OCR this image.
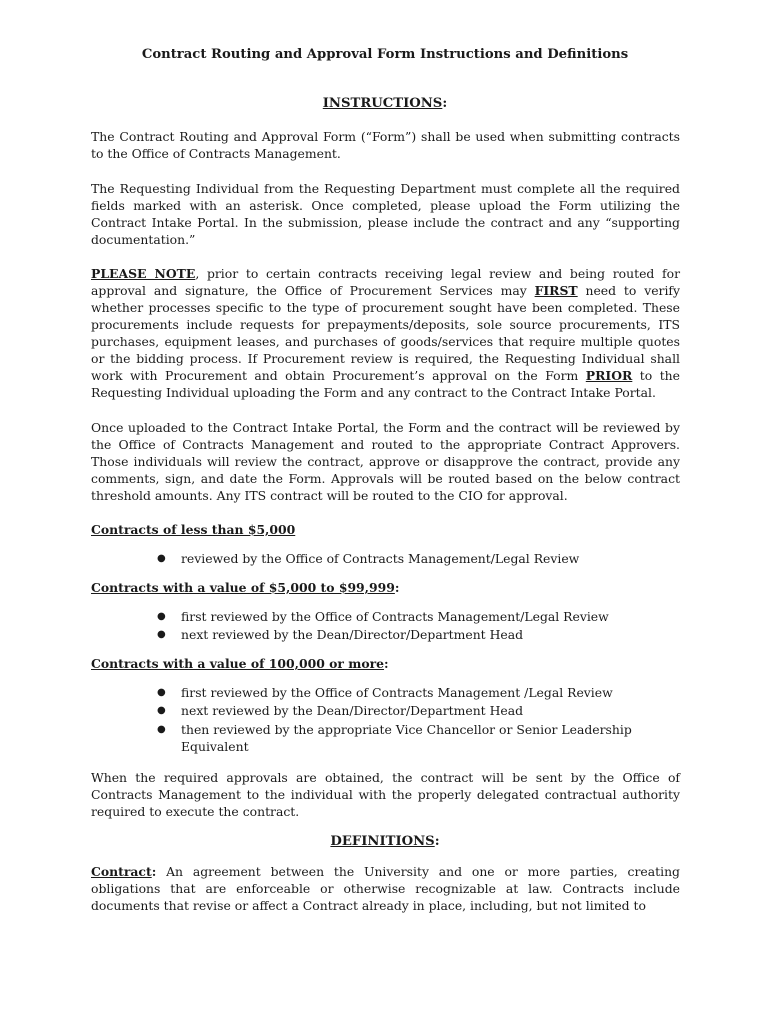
Contract Routing and Approval Form Instructions and Definitions
INSTRUCTIONS:

The Contract Routing and Approval Form (“Form”) shall be used when submitting contracts to the Office of Contracts Management.

The Requesting Individual from the Requesting Department must complete all the required fields marked with an asterisk. Once completed, please upload the Form utilizing the Contract Intake Portal. In the submission, please include the contract and any “supporting documentation.”

PLEASE NOTE, prior to certain contracts receiving legal review and being routed for approval and signature, the Office of Procurement Services may FIRST need to verify whether processes specific to the type of procurement sought have been completed. These procurements include requests for prepayments/deposits, sole source procurements, ITS purchases, equipment leases, and purchases of goods/services that require multiple quotes or the bidding process. If Procurement review is required, the Requesting Individual shall work with Procurement and obtain Procurement’s approval on the Form PRIOR to the Requesting Individual uploading the Form and any contract to the Contract Intake Portal.

Once uploaded to the Contract Intake Portal, the Form and the contract will be reviewed by the Office of Contracts Management and routed to the appropriate Contract Approvers. Those individuals will review the contract, approve or disapprove the contract, provide any comments, sign, and date the Form. Approvals will be routed based on the below contract threshold amounts. Any ITS contract will be routed to the CIO for approval.

Contracts of less than $5,000
● reviewed by the Office of Contracts Management/Legal Review
Contracts with a value of $5,000 to $99,999:
● first reviewed by the Office of Contracts Management/Legal Review
● next reviewed by the Dean/Director/Department Head
Contracts with a value of 100,000 or more:
● first reviewed by the Office of Contracts Management /Legal Review
● next reviewed by the Dean/Director/Department Head
● then reviewed by the appropriate Vice Chancellor or Senior Leadership Equivalent

When the required approvals are obtained, the contract will be sent by the Office of Contracts Management to the individual with the properly delegated contractual authority required to execute the contract.

DEFINITIONS:

Contract: An agreement between the University and one or more parties, creating obligations that are enforceable or otherwise recognizable at law. Contracts include documents that revise or affect a Contract already in place, including, but not limited to
